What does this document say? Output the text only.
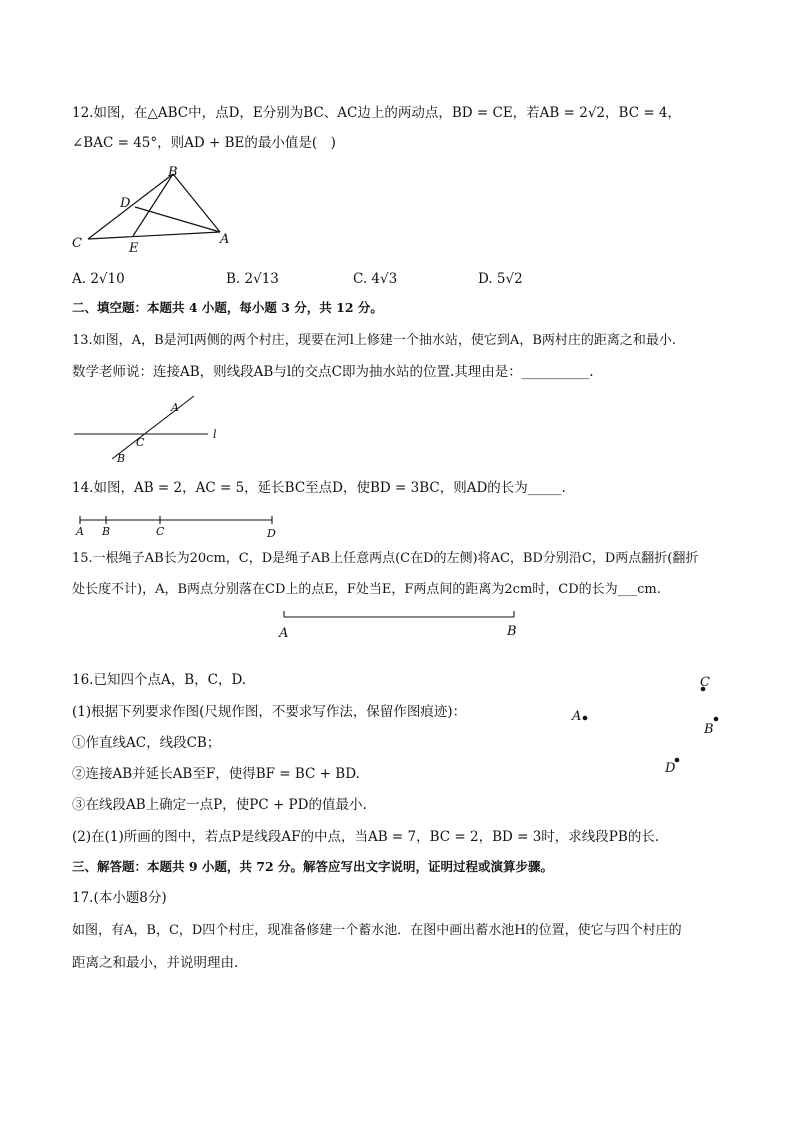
12.如图，在△ABC中，点D，E分别为BC、AC边上的两动点，BD = CE，若AB = 2√2，BC = 4，
∠BAC = 45°，则AD + BE的最小值是(　)
B
D
C	E
A
A. 2√10	B. 2√13	C. 4√3	D. 5√2
二、填空题：本题共 4 小题，每小题 3 分，共 12 分。
13.如图，A，B是河l两侧的两个村庄，现要在河l上修建一个抽水站，使它到A，B两村庄的距离之和最小.
数学老师说：连接AB，则线段AB与l的交点C即为抽水站的位置.其理由是：__________.
A
C
B
l
14.如图，AB = 2，AC = 5，延长BC至点D，使BD = 3BC，则AD的长为_____.
A B	C	D
15.一根绳子AB长为20cm，C，D是绳子AB上任意两点(C在D的左侧)将AC，BD分别沿C，D两点翻折(翻折
处长度不计)，A，B两点分别落在CD上的点E，F处当E，F两点间的距离为2cm时，CD的长为___cm.
A	B
16.已知四个点A，B，C，D.
(1)根据下列要求作图(尺规作图，不要求写作法，保留作图痕迹)：
①作直线AC，线段CB；
②连接AB并延长AB至F，使得BF = BC + BD.
③在线段AB上确定一点P，使PC + PD的值最小.
(2)在(1)所画的图中，若点P是线段AF的中点，当AB = 7，BC = 2，BD = 3时，求线段PB的长.
C
A
B
D
三、解答题：本题共 9 小题，共 72 分。解答应写出文字说明，证明过程或演算步骤。
17.(本小题8分)
如图，有A，B，C，D四个村庄，现准备修建一个蓄水池．在图中画出蓄水池H的位置，使它与四个村庄的
距离之和最小，并说明理由.
